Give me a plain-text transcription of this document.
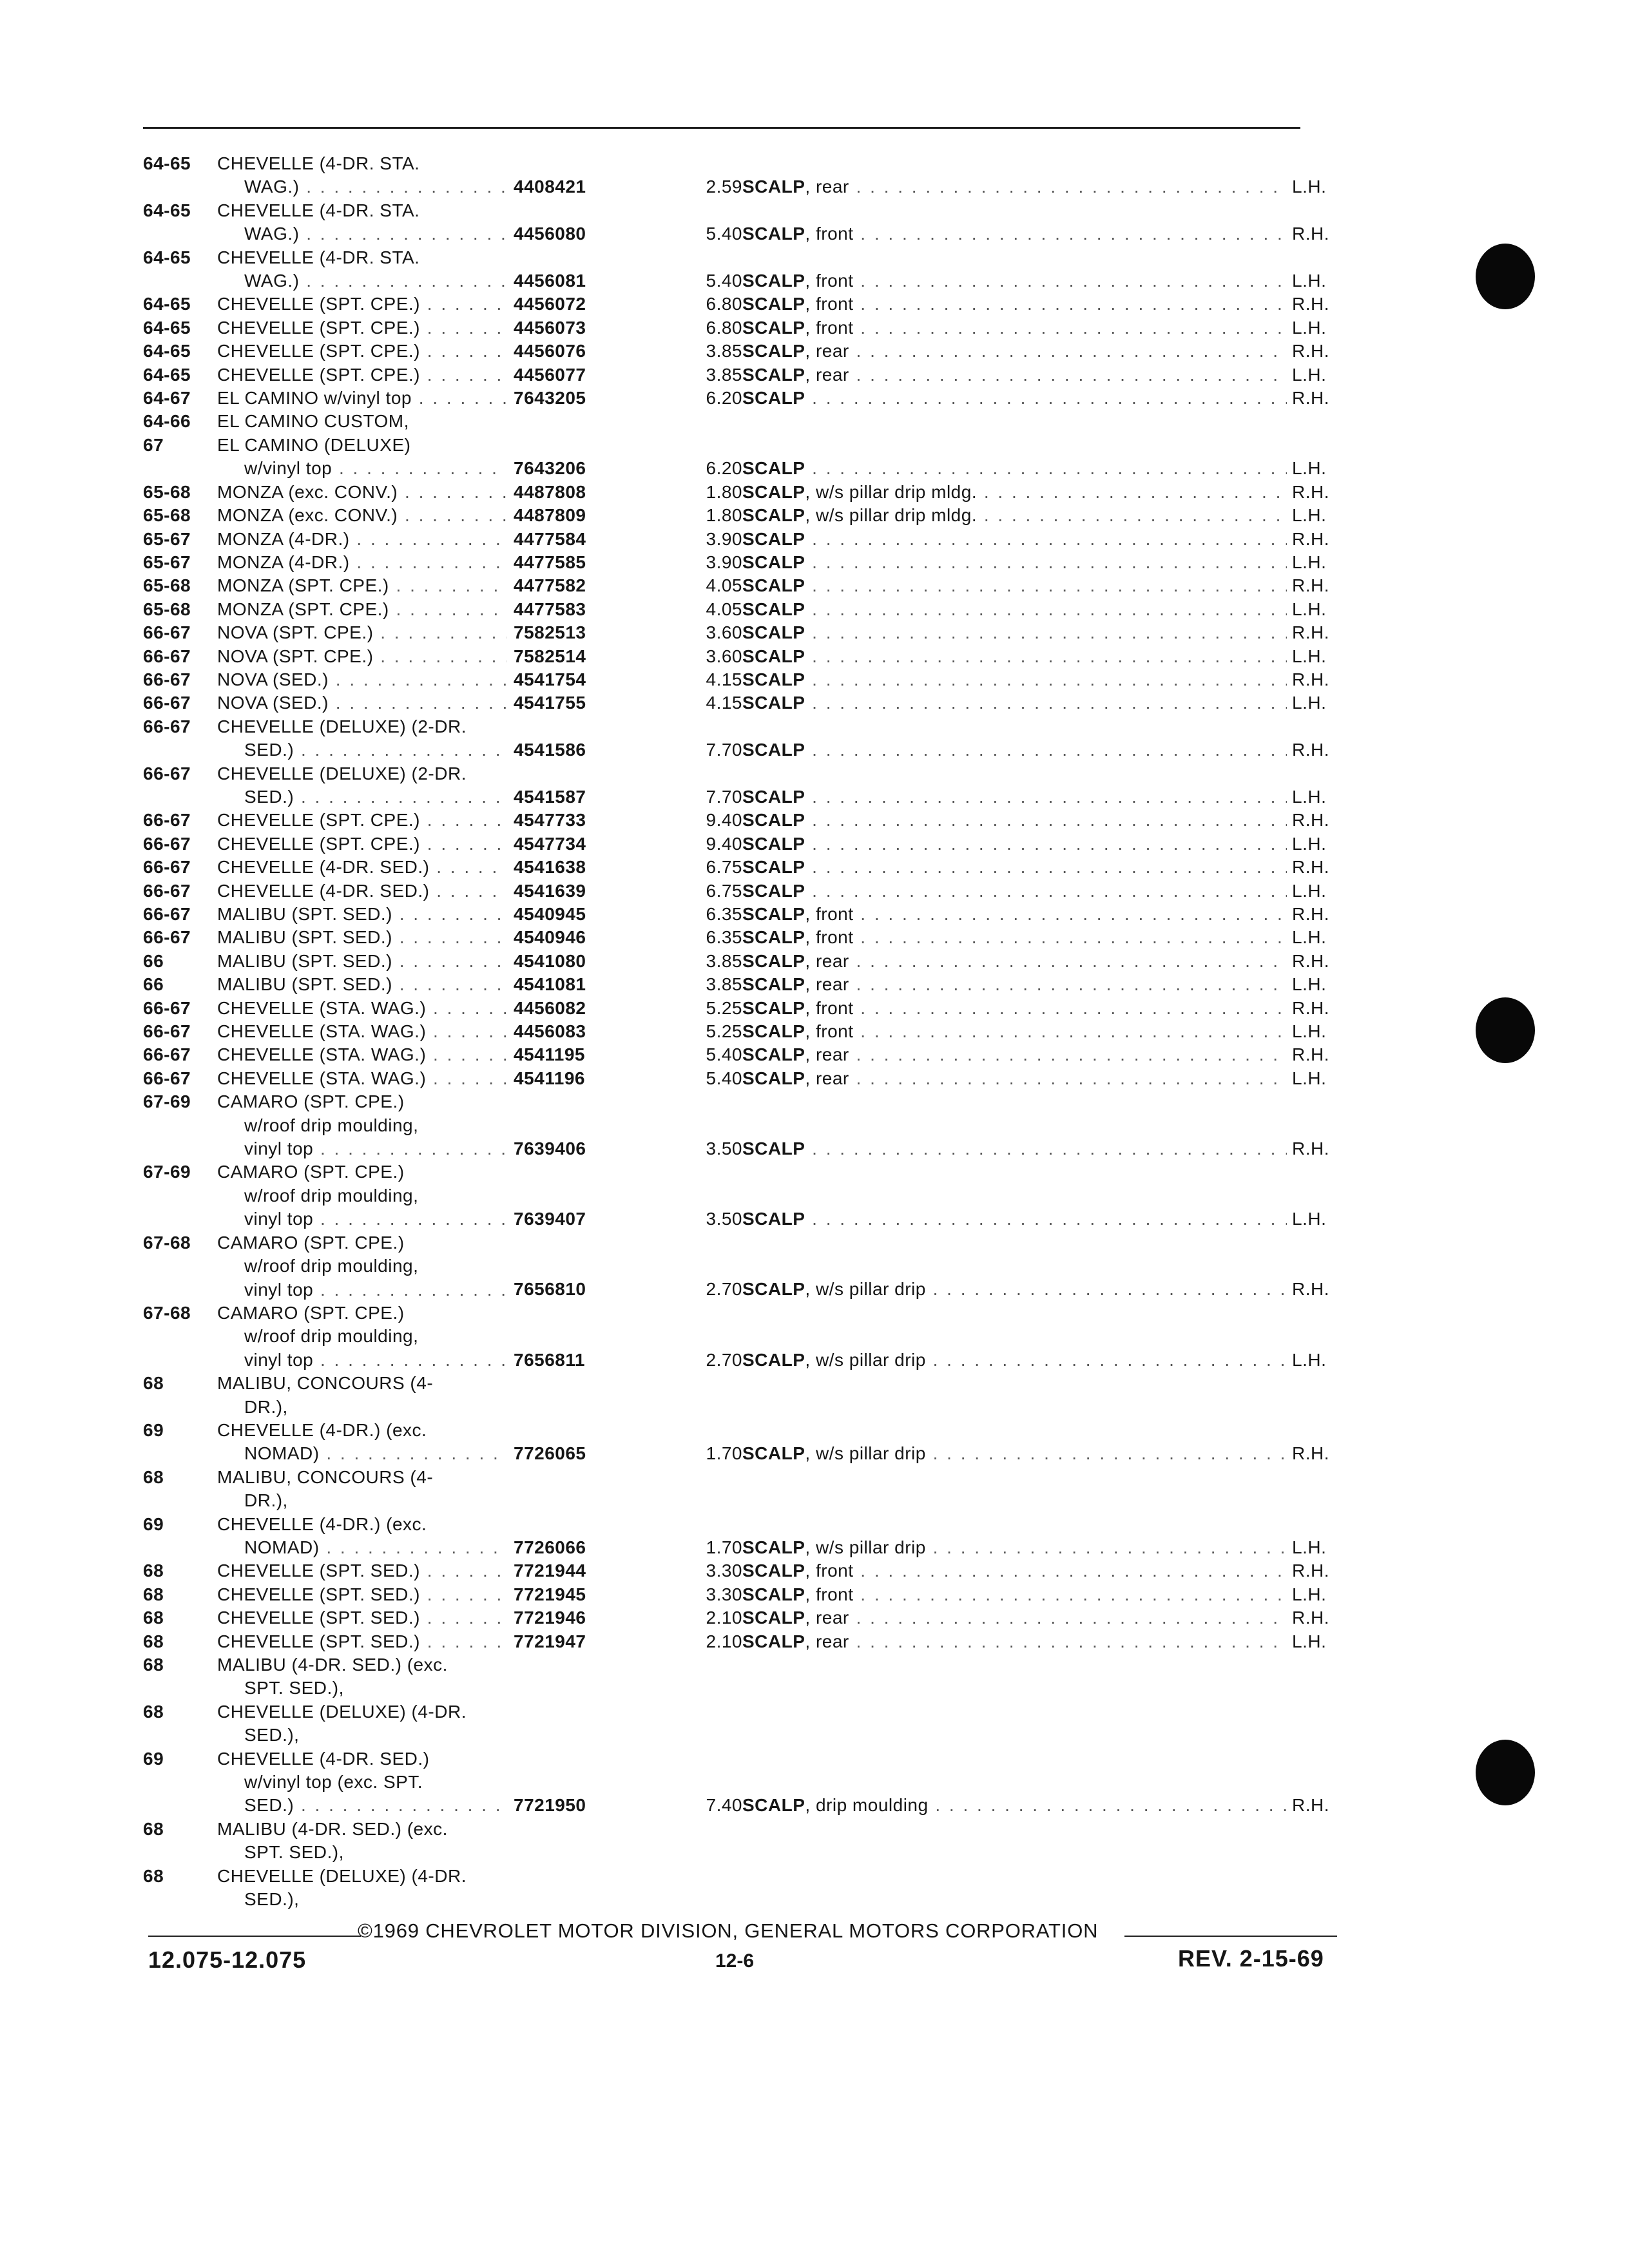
64-65 CHEVELLE (4-DR. STA.
WAG.) . . .	4408421	2.59 SCALP, rear . . .	L.H.
64-65 CHEVELLE (4-DR. STA.
WAG.) . . .	4456080	5.40 SCALP, front . . .	R.H.
64-65 CHEVELLE (4-DR. STA.
WAG.) . . .	4456081	5.40 SCALP, front . . .	L.H.
64-65 CHEVELLE (SPT. CPE.) . . .	4456072	6.80 SCALP, front . . .	R.H.
64-65 CHEVELLE (SPT. CPE.) . . .	4456073	6.80 SCALP, front . . .	L.H.
64-65 CHEVELLE (SPT. CPE.) . . .	4456076	3.85 SCALP, rear . . .	R.H.
64-65 CHEVELLE (SPT. CPE.) . . .	4456077	3.85 SCALP, rear . . .	L.H.
64-67 EL CAMINO w/vinyl top . . .	7643205	6.20 SCALP . . .	R.H.
64-66 EL CAMINO CUSTOM,
67	EL CAMINO (DELUXE)
w/vinyl top . . .	7643206	6.20 SCALP . . .	L.H.
65-68 MONZA (exc. CONV.) . . .	4487808	1.80 SCALP, w/s pillar drip mldg. . . .	R.H.
65-68 MONZA (exc. CONV.) . . .	4487809	1.80 SCALP, w/s pillar drip mldg. . . .	L.H.
65-67 MONZA (4-DR.) . . .	4477584	3.90 SCALP . . .	R.H.
65-67 MONZA (4-DR.) . . .	4477585	3.90 SCALP . . .	L.H.
65-68 MONZA (SPT. CPE.) . . .	4477582	4.05 SCALP . . .	R.H.
65-68 MONZA (SPT. CPE.) . . .	4477583	4.05 SCALP . . .	L.H.
66-67 NOVA (SPT. CPE.) . . .	7582513	3.60 SCALP . . .	R.H.
66-67 NOVA (SPT. CPE.) . . .	7582514	3.60 SCALP . . .	L.H.
66-67 NOVA (SED.) . . .	4541754	4.15 SCALP . . .	R.H.
66-67 NOVA (SED.) . . .	4541755	4.15 SCALP . . .	L.H.
66-67 CHEVELLE (DELUXE) (2-DR.
SED.) . . .	4541586	7.70 SCALP . . .	R.H.
66-67 CHEVELLE (DELUXE) (2-DR.
SED.) . . .	4541587	7.70 SCALP . . .	L.H.
66-67 CHEVELLE (SPT. CPE.) . . .	4547733	9.40 SCALP . . .	R.H.
66-67 CHEVELLE (SPT. CPE.) . . .	4547734	9.40 SCALP . . .	L.H.
66-67 CHEVELLE (4-DR. SED.) . . .	4541638	6.75 SCALP . . .	R.H.
66-67 CHEVELLE (4-DR. SED.) . . .	4541639	6.75 SCALP . . .	L.H.
66-67 MALIBU (SPT. SED.) . . .	4540945	6.35 SCALP, front . . .	R.H.
66-67 MALIBU (SPT. SED.) . . .	4540946	6.35 SCALP, front . . .	L.H.
66	MALIBU (SPT. SED.) . . .	4541080	3.85 SCALP, rear . . .	R.H.
66	MALIBU (SPT. SED.) . . .	4541081	3.85 SCALP, rear . . .	L.H.
66-67 CHEVELLE (STA. WAG.) . . .	4456082	5.25 SCALP, front . . .	R.H.
66-67 CHEVELLE (STA. WAG.) . . .	4456083	5.25 SCALP, front . . .	L.H.
66-67 CHEVELLE (STA. WAG.) . . .	4541195	5.40 SCALP, rear . . .	R.H.
66-67 CHEVELLE (STA. WAG.) . . .	4541196	5.40 SCALP, rear . . .	L.H.
67-69 CAMARO (SPT. CPE.)
w/roof drip moulding,
vinyl top . . .	7639406	3.50 SCALP . . .	R.H.
67-69 CAMARO (SPT. CPE.)
w/roof drip moulding,
vinyl top . . .	7639407	3.50 SCALP . . .	L.H.
67-68 CAMARO (SPT. CPE.)
w/roof drip moulding,
vinyl top . . .	7656810	2.70 SCALP, w/s pillar drip . . .	R.H.
67-68 CAMARO (SPT. CPE.)
w/roof drip moulding,
vinyl top . . .	7656811	2.70 SCALP, w/s pillar drip . . .	L.H.
68	MALIBU, CONCOURS (4-
DR.),
69	CHEVELLE (4-DR.) (exc.
NOMAD) . . .	7726065	1.70 SCALP, w/s pillar drip . . .	R.H.
68	MALIBU, CONCOURS (4-
DR.),
69	CHEVELLE (4-DR.) (exc.
NOMAD) . . .	7726066	1.70 SCALP, w/s pillar drip . . .	L.H.
68	CHEVELLE (SPT. SED.) . . .	7721944	3.30 SCALP, front . . .	R.H.
68	CHEVELLE (SPT. SED.) . . .	7721945	3.30 SCALP, front . . .	L.H.
68	CHEVELLE (SPT. SED.) . . .	7721946	2.10 SCALP, rear . . .	R.H.
68	CHEVELLE (SPT. SED.) . . .	7721947	2.10 SCALP, rear . . .	L.H.
68	MALIBU (4-DR. SED.) (exc.
SPT. SED.),
68	CHEVELLE (DELUXE) (4-DR.
SED.),
69	CHEVELLE (4-DR. SED.)
w/vinyl top (exc. SPT.
SED.) . . .	7721950	7.40 SCALP, drip moulding . . .	R.H.
68	MALIBU (4-DR. SED.) (exc.
SPT. SED.),
68	CHEVELLE (DELUXE) (4-DR.
SED.),
©1969 CHEVROLET MOTOR DIVISION, GENERAL MOTORS CORPORATION
12.075-12.075	12-6	REV. 2-15-69
